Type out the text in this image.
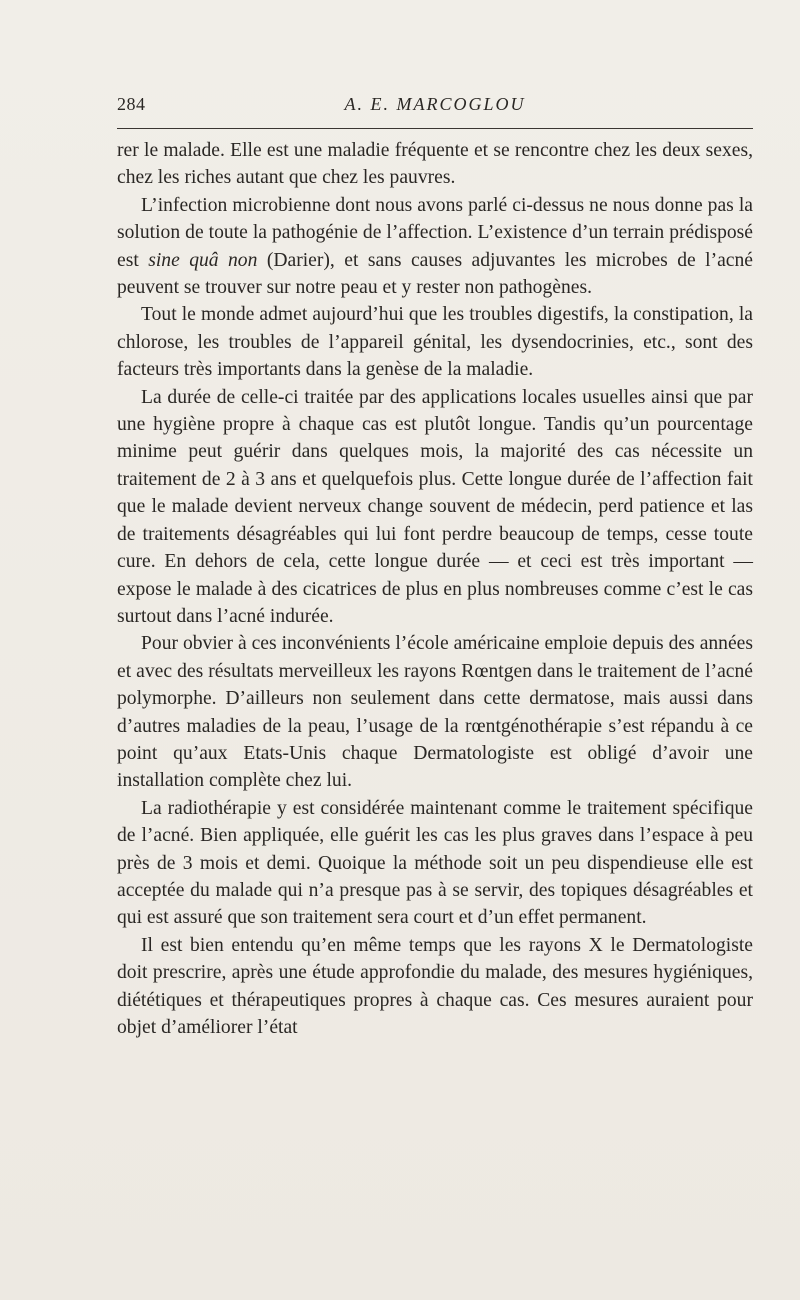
284	A. E. MARCOGLOU

rer le malade. Elle est une maladie fréquente et se rencontre chez les deux sexes, chez les riches autant que chez les pauvres.

L’infection microbienne dont nous avons parlé ci-dessus ne nous donne pas la solution de toute la pathogénie de l’affection. L’existence d’un terrain prédisposé est sine quâ non (Darier), et sans causes adjuvantes les microbes de l’acné peuvent se trouver sur notre peau et y rester non pathogènes.

Tout le monde admet aujourd’hui que les troubles digestifs, la constipation, la chlorose, les troubles de l’appareil génital, les dysendocrinies, etc., sont des facteurs très importants dans la genèse de la maladie.

La durée de celle-ci traitée par des applications locales usuelles ainsi que par une hygiène propre à chaque cas est plutôt longue. Tandis qu’un pourcentage minime peut guérir dans quelques mois, la majorité des cas nécessite un traitement de 2 à 3 ans et quelquefois plus. Cette longue durée de l’affection fait que le malade devient nerveux change souvent de médecin, perd patience et las de traitements désagréables qui lui font perdre beaucoup de temps, cesse toute cure. En dehors de cela, cette longue durée — et ceci est très important — expose le malade à des cicatrices de plus en plus nombreuses comme c’est le cas surtout dans l’acné indurée.

Pour obvier à ces inconvénients l’école américaine emploie depuis des années et avec des résultats merveilleux les rayons Rœntgen dans le traitement de l’acné polymorphe. D’ailleurs non seulement dans cette dermatose, mais aussi dans d’autres maladies de la peau, l’usage de la rœntgénothérapie s’est répandu à ce point qu’aux Etats-Unis chaque Dermatologiste est obligé d’avoir une installation complète chez lui.

La radiothérapie y est considérée maintenant comme le traitement spécifique de l’acné. Bien appliquée, elle guérit les cas les plus graves dans l’espace à peu près de 3 mois et demi. Quoique la méthode soit un peu dispendieuse elle est acceptée du malade qui n’a presque pas à se servir, des topiques désagréables et qui est assuré que son traitement sera court et d’un effet permanent.

Il est bien entendu qu’en même temps que les rayons X le Dermatologiste doit prescrire, après une étude approfondie du malade, des mesures hygiéniques, diététiques et thérapeutiques propres à chaque cas. Ces mesures auraient pour objet d’améliorer l’état
